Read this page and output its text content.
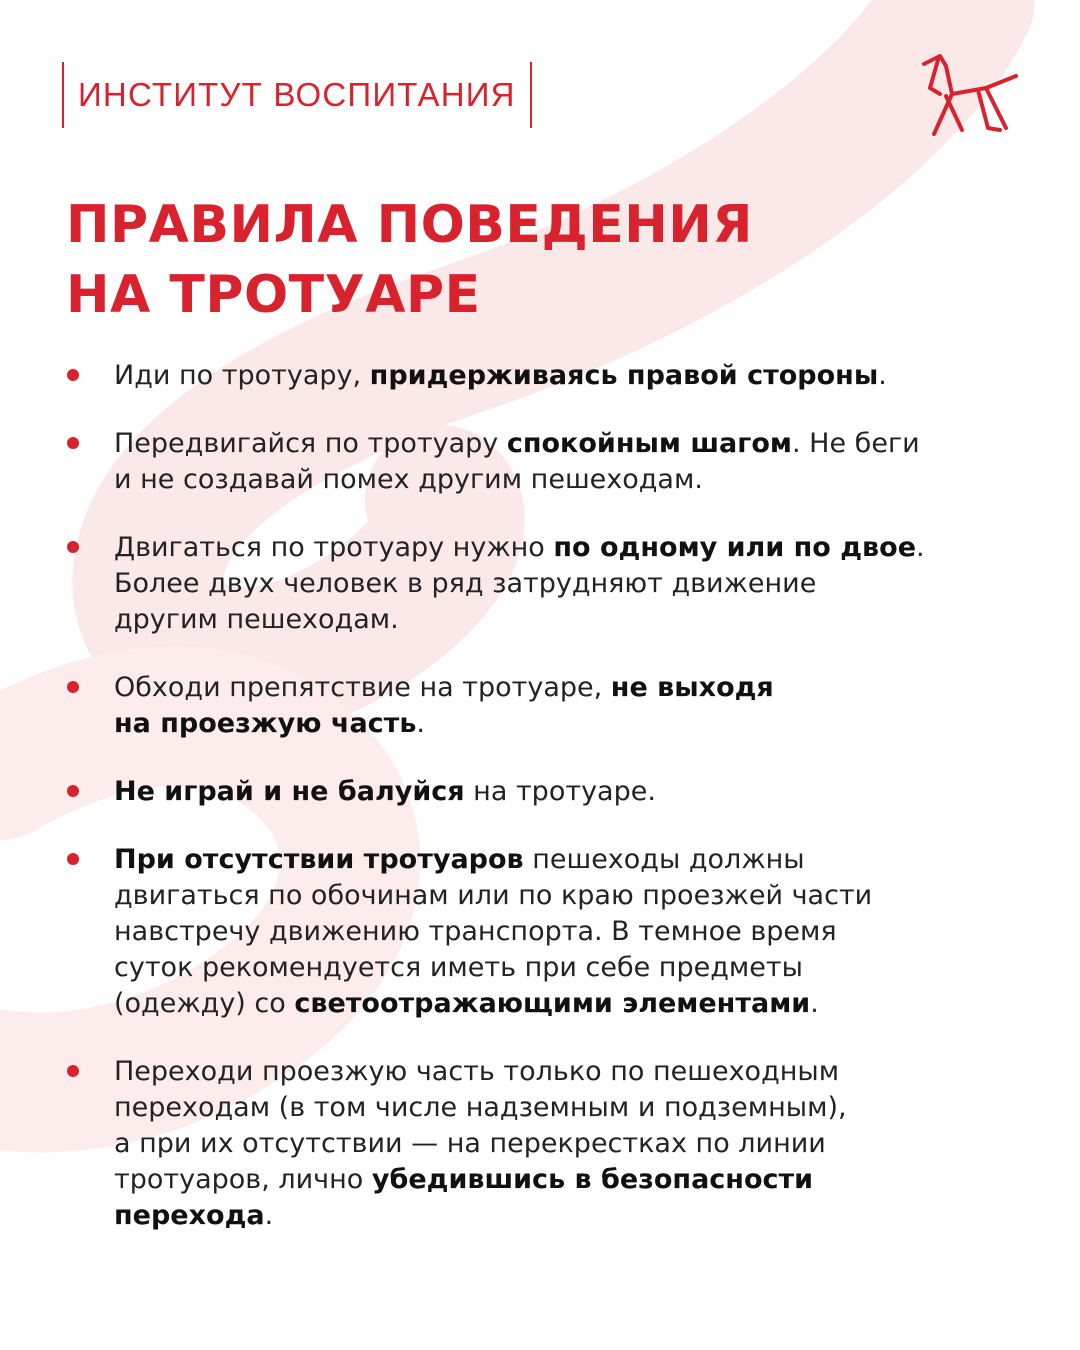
ИНСТИТУТ ВОСПИТАНИЯ
ПРАВИЛА ПОВЕДЕНИЯ
НА ТРОТУАРЕ
Иди по тротуару, придерживаясь правой стороны.
Передвигайся по тротуару спокойным шагом. Не беги
и не создавай помех другим пешеходам.
Двигаться по тротуару нужно по одному или по двое.
Более двух человек в ряд затрудняют движение
другим пешеходам.
Обходи препятствие на тротуаре, не выходя
на проезжую часть.
Не играй и не балуйся на тротуаре.
При отсутствии тротуаров пешеходы должны
двигаться по обочинам или по краю проезжей части
навстречу движению транспорта. В темное время
суток рекомендуется иметь при себе предметы
(одежду) со светоотражающими элементами.
Переходи проезжую часть только по пешеходным
переходам (в том числе надземным и подземным),
а при их отсутствии — на перекрестках по линии
тротуаров, лично убедившись в безопасности
перехода.
